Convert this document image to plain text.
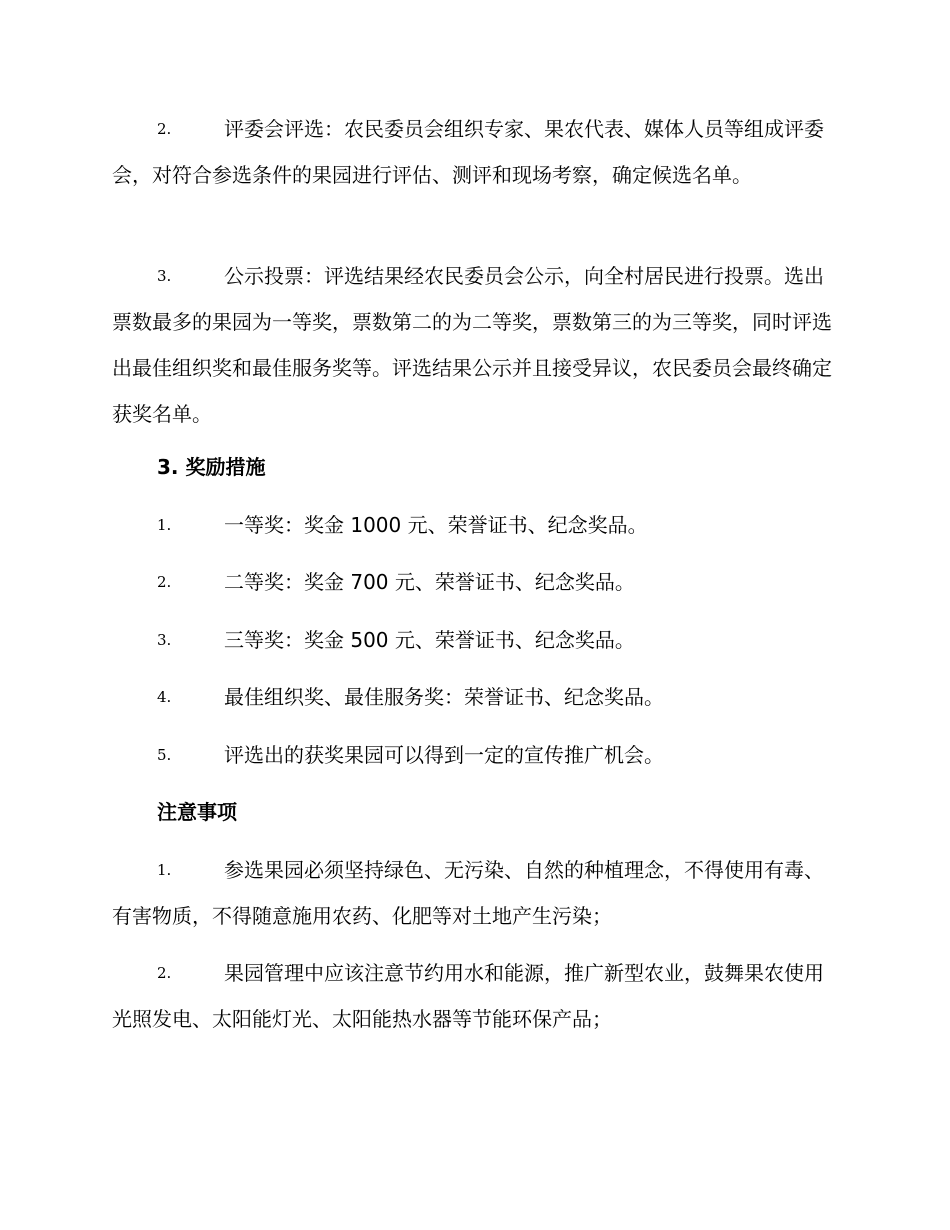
2.	评委会评选：农民委员会组织专家、果农代表、媒体人员等组成评委会，对符合参选条件的果园进行评估、测评和现场考察，确定候选名单。

3.	公示投票：评选结果经农民委员会公示，向全村居民进行投票。选出票数最多的果园为一等奖，票数第二的为二等奖，票数第三的为三等奖，同时评选出最佳组织奖和最佳服务奖等。评选结果公示并且接受异议，农民委员会最终确定获奖名单。

3. 奖励措施

1.	一等奖：奖金 1000 元、荣誉证书、纪念奖品。

2.	二等奖：奖金 700 元、荣誉证书、纪念奖品。

3.	三等奖：奖金 500 元、荣誉证书、纪念奖品。

4.	最佳组织奖、最佳服务奖：荣誉证书、纪念奖品。

5.	评选出的获奖果园可以得到一定的宣传推广机会。

注意事项

1.	参选果园必须坚持绿色、无污染、自然的种植理念，不得使用有毒、有害物质，不得随意施用农药、化肥等对土地产生污染；

2.	果园管理中应该注意节约用水和能源，推广新型农业，鼓舞果农使用光照发电、太阳能灯光、太阳能热水器等节能环保产品；
